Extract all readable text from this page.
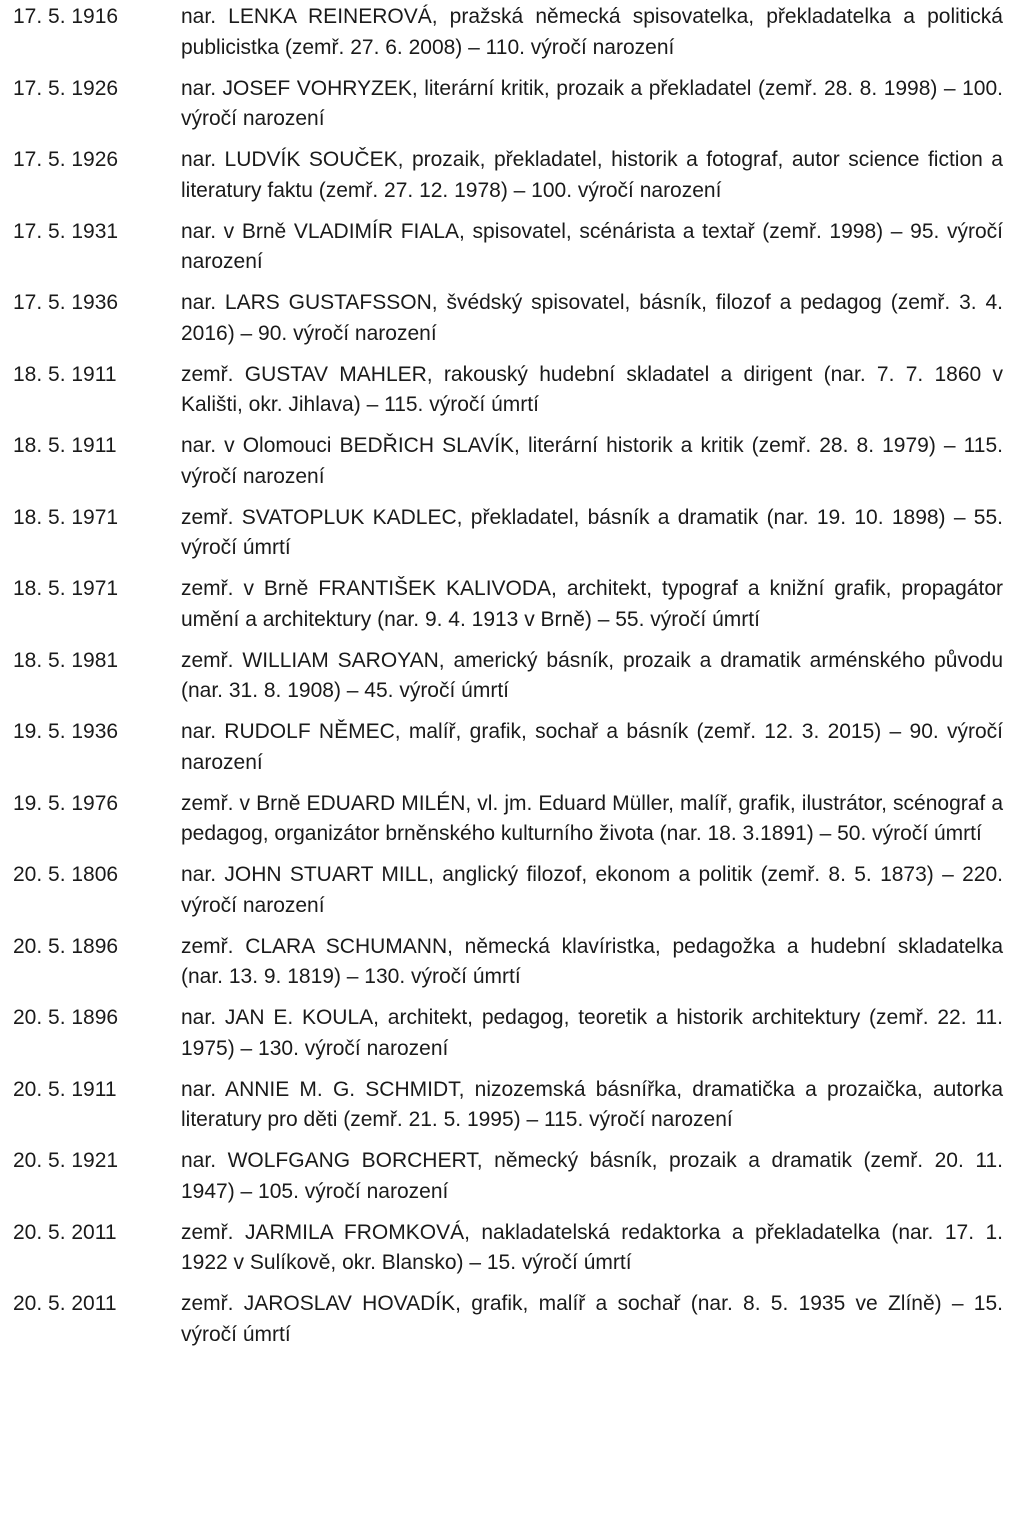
17. 5. 1916	nar. LENKA REINEROVÁ, pražská německá spisovatelka, překladatelka a politická publicistka (zemř. 27. 6. 2008) – 110. výročí narození
17. 5. 1926	nar. JOSEF VOHRYZEK, literární kritik, prozaik a překladatel (zemř. 28. 8. 1998) – 100. výročí narození
17. 5. 1926	nar. LUDVÍK SOUČEK, prozaik, překladatel, historik a fotograf, autor science fiction a literatury faktu (zemř. 27. 12. 1978) – 100. výročí narození
17. 5. 1931	nar. v Brně VLADIMÍR FIALA, spisovatel, scénárista a textař (zemř. 1998) – 95. výročí narození
17. 5. 1936	nar. LARS GUSTAFSSON, švédský spisovatel, básník, filozof a pedagog (zemř. 3. 4. 2016) – 90. výročí narození
18. 5. 1911	zemř. GUSTAV MAHLER, rakouský hudební skladatel a dirigent (nar. 7. 7. 1860 v Kališti, okr. Jihlava) – 115. výročí úmrtí
18. 5. 1911	nar. v Olomouci BEDŘICH SLAVÍK, literární historik a kritik (zemř. 28. 8. 1979) – 115. výročí narození
18. 5. 1971	zemř. SVATOPLUK KADLEC, překladatel, básník a dramatik (nar. 19. 10. 1898) – 55. výročí úmrtí
18. 5. 1971	zemř. v Brně FRANTIŠEK KALIVODA, architekt, typograf a knižní grafik, propagátor umění a architektury (nar. 9. 4. 1913 v Brně) – 55. výročí úmrtí
18. 5. 1981	zemř. WILLIAM SAROYAN, americký básník, prozaik a dramatik arménského původu (nar. 31. 8. 1908) – 45. výročí úmrtí
19. 5. 1936	nar. RUDOLF NĚMEC, malíř, grafik, sochař a básník (zemř. 12. 3. 2015) – 90. výročí narození
19. 5. 1976	zemř. v Brně EDUARD MILÉN, vl. jm. Eduard Müller, malíř, grafik, ilustrátor, scénograf a pedagog, organizátor brněnského kulturního života (nar. 18. 3.1891) – 50. výročí úmrtí
20. 5. 1806	nar. JOHN STUART MILL, anglický filozof, ekonom a politik (zemř. 8. 5. 1873) – 220. výročí narození
20. 5. 1896	zemř. CLARA SCHUMANN, německá klavíristka, pedagožka a hudební skladatelka (nar. 13. 9. 1819) – 130. výročí úmrtí
20. 5. 1896	nar. JAN E. KOULA, architekt, pedagog, teoretik a historik architektury (zemř. 22. 11. 1975) – 130. výročí narození
20. 5. 1911	nar. ANNIE M. G. SCHMIDT, nizozemská básnířka, dramatička a prozaička, autorka literatury pro děti (zemř. 21. 5. 1995) – 115. výročí narození
20. 5. 1921	nar. WOLFGANG BORCHERT, německý básník, prozaik a dramatik (zemř. 20. 11. 1947) – 105. výročí narození
20. 5. 2011	zemř. JARMILA FROMKOVÁ, nakladatelská redaktorka a překladatelka (nar. 17. 1. 1922 v Sulíkově, okr. Blansko) – 15. výročí úmrtí
20. 5. 2011	zemř. JAROSLAV HOVADÍK, grafik, malíř a sochař (nar. 8. 5. 1935 ve Zlíně) – 15. výročí úmrtí
